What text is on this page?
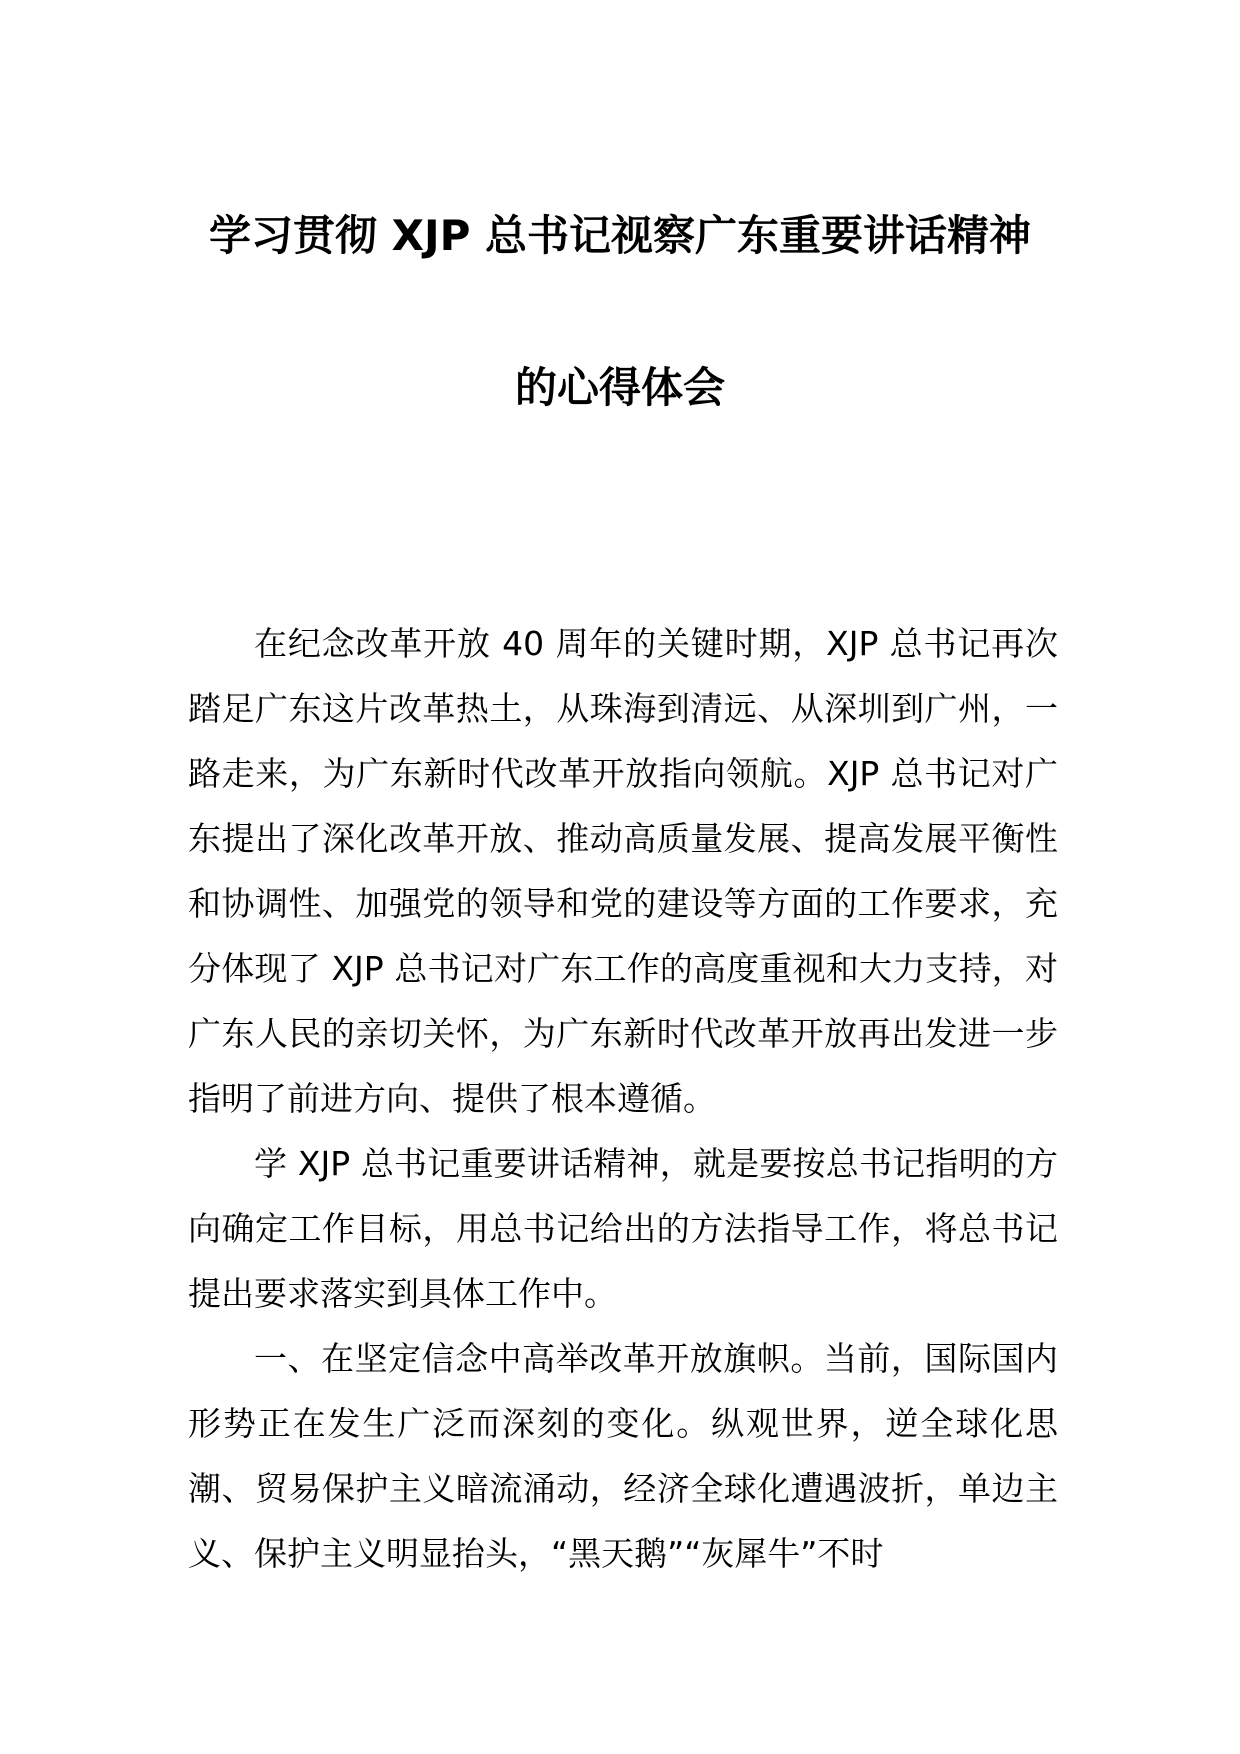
学习贯彻 XJP 总书记视察广东重要讲话精神
的心得体会

在纪念改革开放 40 周年的关键时期，XJP 总书记再次踏足广东这片改革热土，从珠海到清远、从深圳到广州，一路走来，为广东新时代改革开放指向领航。XJP 总书记对广东提出了深化改革开放、推动高质量发展、提高发展平衡性和协调性、加强党的领导和党的建设等方面的工作要求，充分体现了 XJP 总书记对广东工作的高度重视和大力支持，对广东人民的亲切关怀，为广东新时代改革开放再出发进一步指明了前进方向、提供了根本遵循。

学 XJP 总书记重要讲话精神，就是要按总书记指明的方向确定工作目标，用总书记给出的方法指导工作，将总书记提出要求落实到具体工作中。

一、在坚定信念中高举改革开放旗帜。当前，国际国内形势正在发生广泛而深刻的变化。纵观世界，逆全球化思潮、贸易保护主义暗流涌动，经济全球化遭遇波折，单边主义、保护主义明显抬头，“黑天鹅”“灰犀牛”不时
